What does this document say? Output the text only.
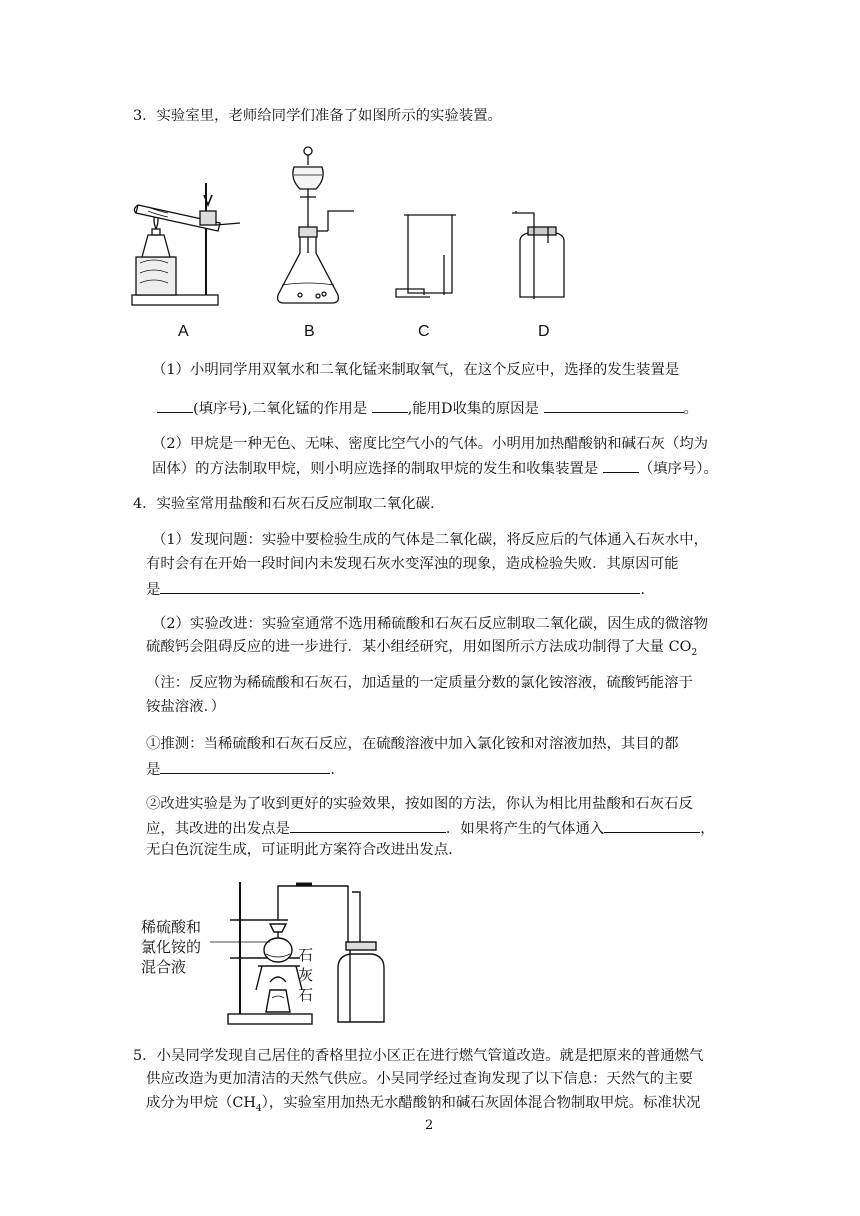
3．实验室里，老师给同学们准备了如图所示的实验装置。
A	B	C	D
（1）小明同学用双氧水和二氧化锰来制取氧气，在这个反应中，选择的发生装置是
(填序号),二氧化锰的作用是	,能用D收集的原因是	。
（2）甲烷是一种无色、无味、密度比空气小的气体。小明用加热醋酸钠和碱石灰（均为
固体）的方法制取甲烷，则小明应选择的制取甲烷的发生和收集装置是	（填序号）。
4．实验室常用盐酸和石灰石反应制取二氧化碳.
（1）发现问题：实验中要检验生成的气体是二氧化碳，将反应后的气体通入石灰水中，
有时会有在开始一段时间内未发现石灰水变浑浊的现象，造成检验失败．其原因可能
是	.
（2）实验改进：实验室通常不选用稀硫酸和石灰石反应制取二氧化碳，因生成的微溶物
硫酸钙会阻碍反应的进一步进行．某小组经研究，用如图所示方法成功制得了大量 $CO_2$
（注：反应物为稀硫酸和石灰石，加适量的一定质量分数的氯化铵溶液，硫酸钙能溶于
铵盐溶液．）
①推测：当稀硫酸和石灰石反应，在硫酸溶液中加入氯化铵和对溶液加热，其目的都
是	.
②改进实验是为了收到更好的实验效果，按如图的方法，你认为相比用盐酸和石灰石反
应，其改进的出发点是	．如果将产生的气体通入	，
无白色沉淀生成，可证明此方案符合改进出发点.
稀硫酸和
氯化铵的
混合液
石
灰
石
5．小吴同学发现自己居住的香格里拉小区正在进行燃气管道改造。就是把原来的普通燃气
供应改造为更加清洁的天然气供应。小吴同学经过查询发现了以下信息：天然气的主要
成分为甲烷$(CH_4)$，实验室用加热无水醋酸钠和碱石灰固体混合物制取甲烷。标准状况
2
